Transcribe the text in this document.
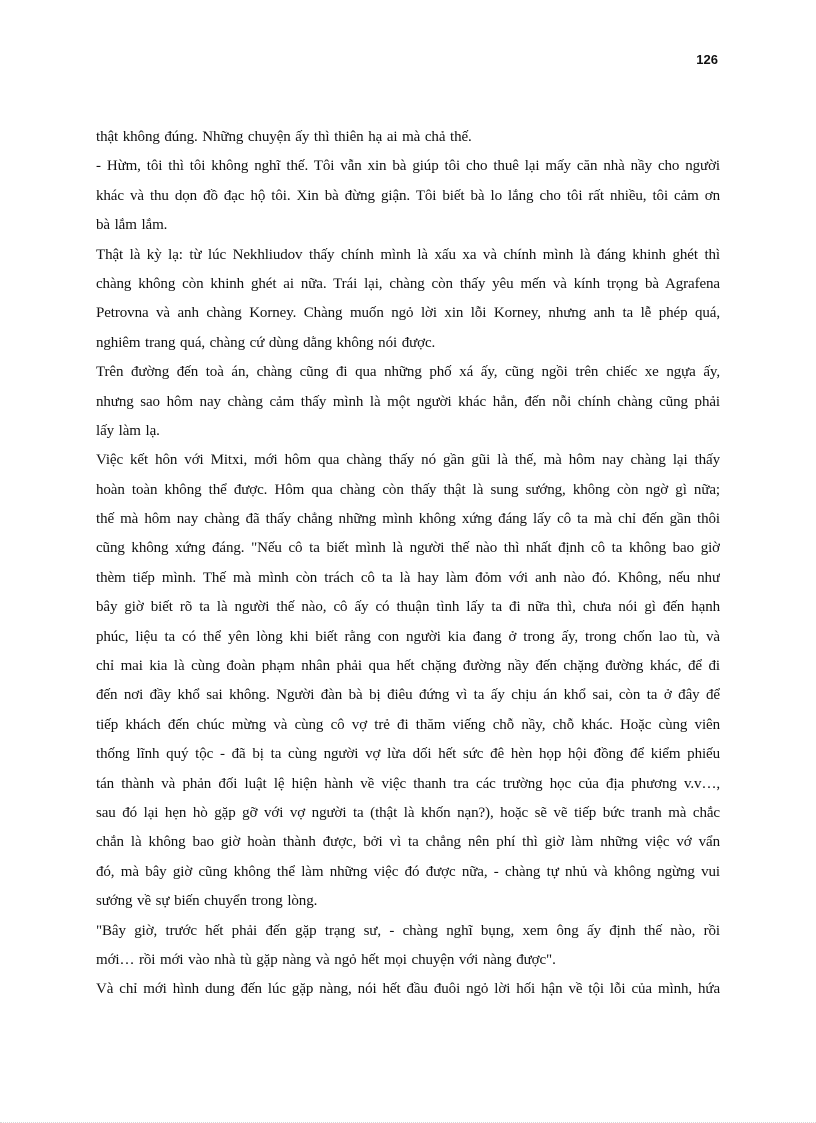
126
thật không đúng. Những chuyện ấy thì thiên hạ ai mà chả thế.
- Hừm, tôi thì tôi không nghĩ thế. Tôi vẫn xin bà giúp tôi cho thuê lại mấy căn nhà nầy cho người
khác và thu dọn đồ đạc hộ tôi. Xin bà đừng giận. Tôi biết bà lo lắng cho tôi rất nhiều, tôi cảm ơn
bà lắm lắm.
Thật là kỳ lạ: từ lúc Nekhliudov thấy chính mình là xấu xa và chính mình là đáng khinh ghét thì
chàng không còn khinh ghét ai nữa. Trái lại, chàng còn thấy yêu mến và kính trọng bà Agrafena
Petrovna và anh chàng Korney. Chàng muốn ngỏ lời xin lỗi Korney, nhưng anh ta lễ phép quá,
nghiêm trang quá, chàng cứ dùng dằng không nói được.
Trên đường đến toà án, chàng cũng đi qua những phố xá ấy, cũng ngồi trên chiếc xe ngựa ấy,
nhưng sao hôm nay chàng cảm thấy mình là một người khác hẳn, đến nỗi chính chàng cũng phải
lấy làm lạ.
Việc kết hôn với Mitxi, mới hôm qua chàng thấy nó gần gũi là thế, mà hôm nay chàng lại thấy
hoàn toàn không thể được. Hôm qua chàng còn thấy thật là sung sướng, không còn ngờ gì nữa;
thế mà hôm nay chàng đã thấy chẳng những mình không xứng đáng lấy cô ta mà chỉ đến gần thôi
cũng không xứng đáng. "Nếu cô ta biết mình là người thế nào thì nhất định cô ta không bao giờ
thèm tiếp mình. Thế mà mình còn trách cô ta là hay làm đỏm với anh nào đó. Không, nếu như
bây giờ biết rõ ta là người thế nào, cô ấy có thuận tình lấy ta đi nữa thì, chưa nói gì đến hạnh
phúc, liệu ta có thể yên lòng khi biết rằng con người kia đang ở trong ấy, trong chốn lao tù, và
chỉ mai kia là cùng đoàn phạm nhân phải qua hết chặng đường nầy đến chặng đường khác, để đi
đến nơi đầy khổ sai không. Người đàn bà bị điêu đứng vì ta ấy chịu án khổ sai, còn ta ở đây để
tiếp khách đến chúc mừng và cùng cô vợ trẻ đi thăm viếng chỗ nầy, chỗ khác. Hoặc cùng viên
thống lĩnh quý tộc - đã bị ta cùng người vợ lừa dối hết sức đê hèn họp hội đồng để kiểm phiếu
tán thành và phản đối luật lệ hiện hành về việc thanh tra các trường học của địa phương v.v…,
sau đó lại hẹn hò gặp gỡ với vợ người ta (thật là khốn nạn?), hoặc sẽ vẽ tiếp bức tranh mà chắc
chắn là không bao giờ hoàn thành được, bởi vì ta chẳng nên phí thì giờ làm những việc vớ vẩn
đó, mà bây giờ cũng không thể làm những việc đó được nữa, - chàng tự nhủ và không ngừng vui
sướng về sự biến chuyển trong lòng.
"Bây giờ, trước hết phải đến gặp trạng sư, - chàng nghĩ bụng, xem ông ấy định thế nào, rồi
mới… rồi mới vào nhà tù gặp nàng và ngỏ hết mọi chuyện với nàng được".
Và chỉ mới hình dung đến lúc gặp nàng, nói hết đầu đuôi ngỏ lời hối hận về tội lỗi của mình, hứa
